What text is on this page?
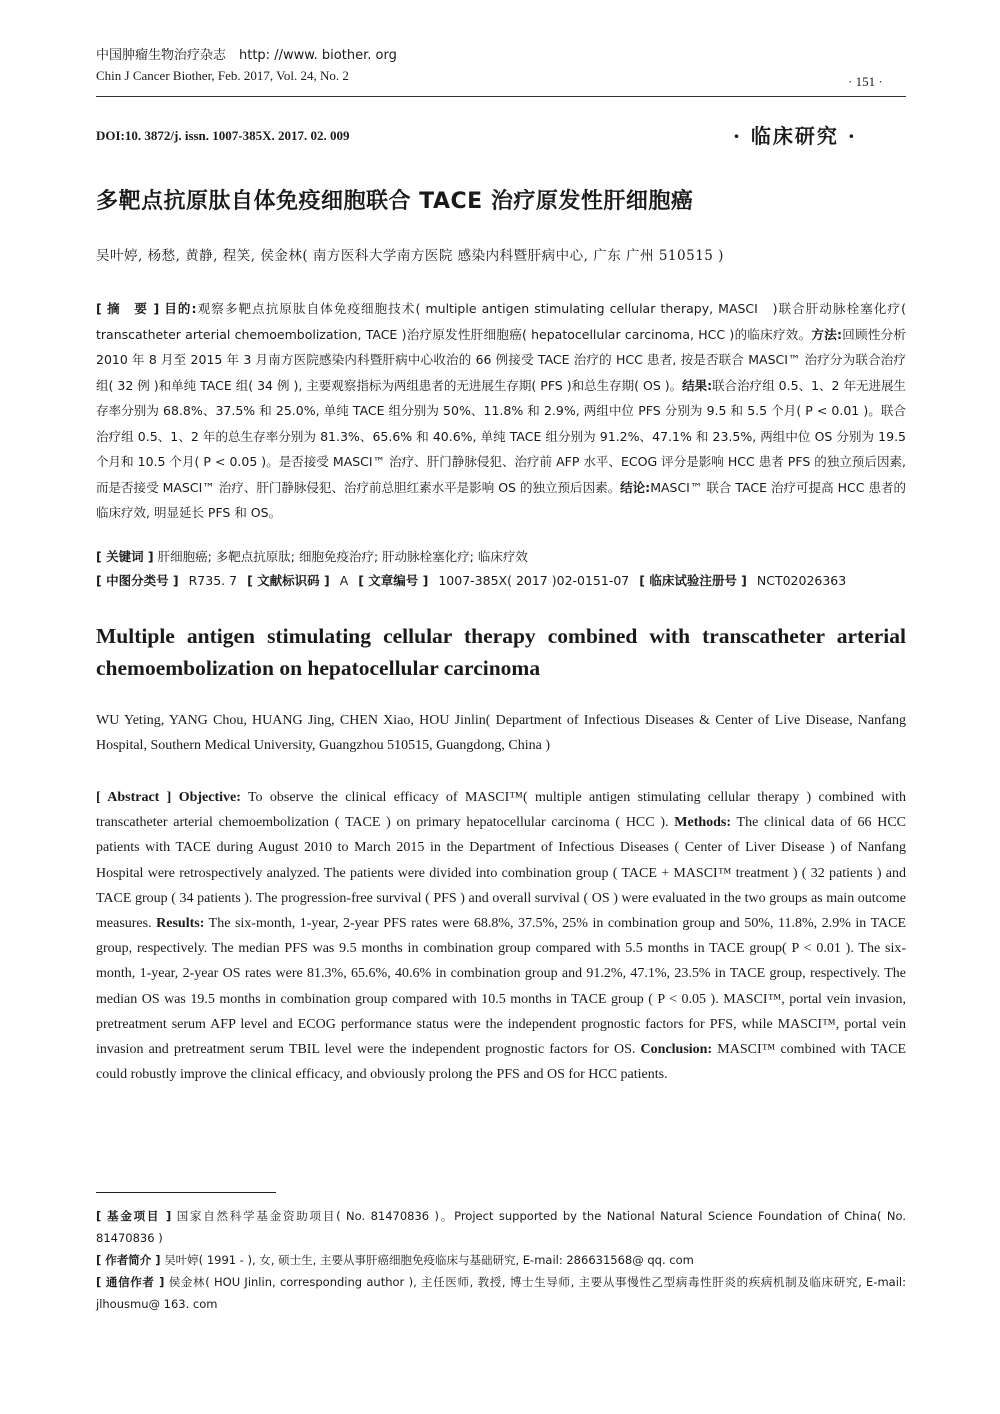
中国肿瘤生物治疗杂志　http: //www. biother. org
Chin J Cancer Biother, Feb. 2017, Vol. 24, No. 2	· 151 ·
DOI:10. 3872/j. issn. 1007-385X. 2017. 02. 009	· 临床研究 ·
多靶点抗原肽自体免疫细胞联合 TACE 治疗原发性肝细胞癌
吴叶婷, 杨愁, 黄静, 程笑, 侯金林( 南方医科大学南方医院 感染内科暨肝病中心, 广东 广州 510515 )
[ 摘　要 ] 目的:观察多靶点抗原肽自体免疫细胞技术( multiple antigen stimulating cellular therapy, MASCI　)联合肝动脉栓塞化疗( transcatheter arterial chemoembolization, TACE )治疗原发性肝细胞癌( hepatocellular carcinoma, HCC )的临床疗效。方法:回顾性分析 2010 年 8 月至 2015 年 3 月南方医院感染内科暨肝病中心收治的 66 例接受 TACE 治疗的 HCC 患者, 按是否联合 MASCI™ 治疗分为联合治疗组( 32 例 )和单纯 TACE 组( 34 例 ), 主要观察指标为两组患者的无进展生存期( PFS )和总生存期( OS )。结果:联合治疗组 0.5、1、2 年无进展生存率分别为 68.8%、37.5% 和 25.0%, 单纯 TACE 组分别为 50%、11.8% 和 2.9%, 两组中位 PFS 分别为 9.5 和 5.5 个月( P < 0.01 )。联合治疗组 0.5、1、2 年的总生存率分别为 81.3%、65.6% 和 40.6%, 单纯 TACE 组分别为 91.2%、47.1% 和 23.5%, 两组中位 OS 分别为 19.5 个月和 10.5 个月( P < 0.05 )。是否接受 MASCI™ 治疗、肝门静脉侵犯、治疗前 AFP 水平、ECOG 评分是影响 HCC 患者 PFS 的独立预后因素, 而是否接受 MASCI™ 治疗、肝门静脉侵犯、治疗前总胆红素水平是影响 OS 的独立预后因素。结论:MASCI™ 联合 TACE 治疗可提高 HCC 患者的临床疗效, 明显延长 PFS 和 OS。
[ 关键词 ] 肝细胞癌; 多靶点抗原肽; 细胞免疫治疗; 肝动脉栓塞化疗; 临床疗效
[ 中图分类号 ] R735. 7 [ 文献标识码 ] A [ 文章编号 ] 1007-385X( 2017 )02-0151-07 [ 临床试验注册号 ] NCT02026363
Multiple antigen stimulating cellular therapy combined with transcatheter arterial chemoembolization on hepatocellular carcinoma
WU Yeting, YANG Chou, HUANG Jing, CHEN Xiao, HOU Jinlin( Department of Infectious Diseases & Center of Live Disease, Nanfang Hospital, Southern Medical University, Guangzhou 510515, Guangdong, China )
[ Abstract ] Objective: To observe the clinical efficacy of MASCI™( multiple antigen stimulating cellular therapy ) combined with transcatheter arterial chemoembolization ( TACE ) on primary hepatocellular carcinoma ( HCC ). Methods: The clinical data of 66 HCC patients with TACE during August 2010 to March 2015 in the Department of Infectious Diseases ( Center of Liver Disease ) of Nanfang Hospital were retrospectively analyzed. The patients were divided into combination group ( TACE + MASCI™ treatment ) ( 32 patients ) and TACE group ( 34 patients ). The progression-free survival ( PFS ) and overall survival ( OS ) were evaluated in the two groups as main outcome measures. Results: The six-month, 1-year, 2-year PFS rates were 68.8%, 37.5%, 25% in combination group and 50%, 11.8%, 2.9% in TACE group, respectively. The median PFS was 9.5 months in combination group compared with 5.5 months in TACE group( P < 0.01 ). The six-month, 1-year, 2-year OS rates were 81.3%, 65.6%, 40.6% in combination group and 91.2%, 47.1%, 23.5% in TACE group, respectively. The median OS was 19.5 months in combination group compared with 10.5 months in TACE group ( P < 0.05 ). MASCI™, portal vein invasion, pretreatment serum AFP level and ECOG performance status were the independent prognostic factors for PFS, while MASCI™, portal vein invasion and pretreatment serum TBIL level were the independent prognostic factors for OS. Conclusion: MASCI™ combined with TACE could robustly improve the clinical efficacy, and obviously prolong the PFS and OS for HCC patients.
[ 基金项目 ] 国家自然科学基金资助项目( No. 81470836 )。Project supported by the National Natural Science Foundation of China( No. 81470836 )
[ 作者简介 ] 吴叶婷( 1991 - ), 女, 硕士生, 主要从事肝癌细胞免疫临床与基础研究, E-mail: 286631568@ qq. com
[ 通信作者 ] 侯金林( HOU Jinlin, corresponding author ), 主任医师, 教授, 博士生导师, 主要从事慢性乙型病毒性肝炎的疾病机制及临床研究, E-mail: jlhousmu@ 163. com
